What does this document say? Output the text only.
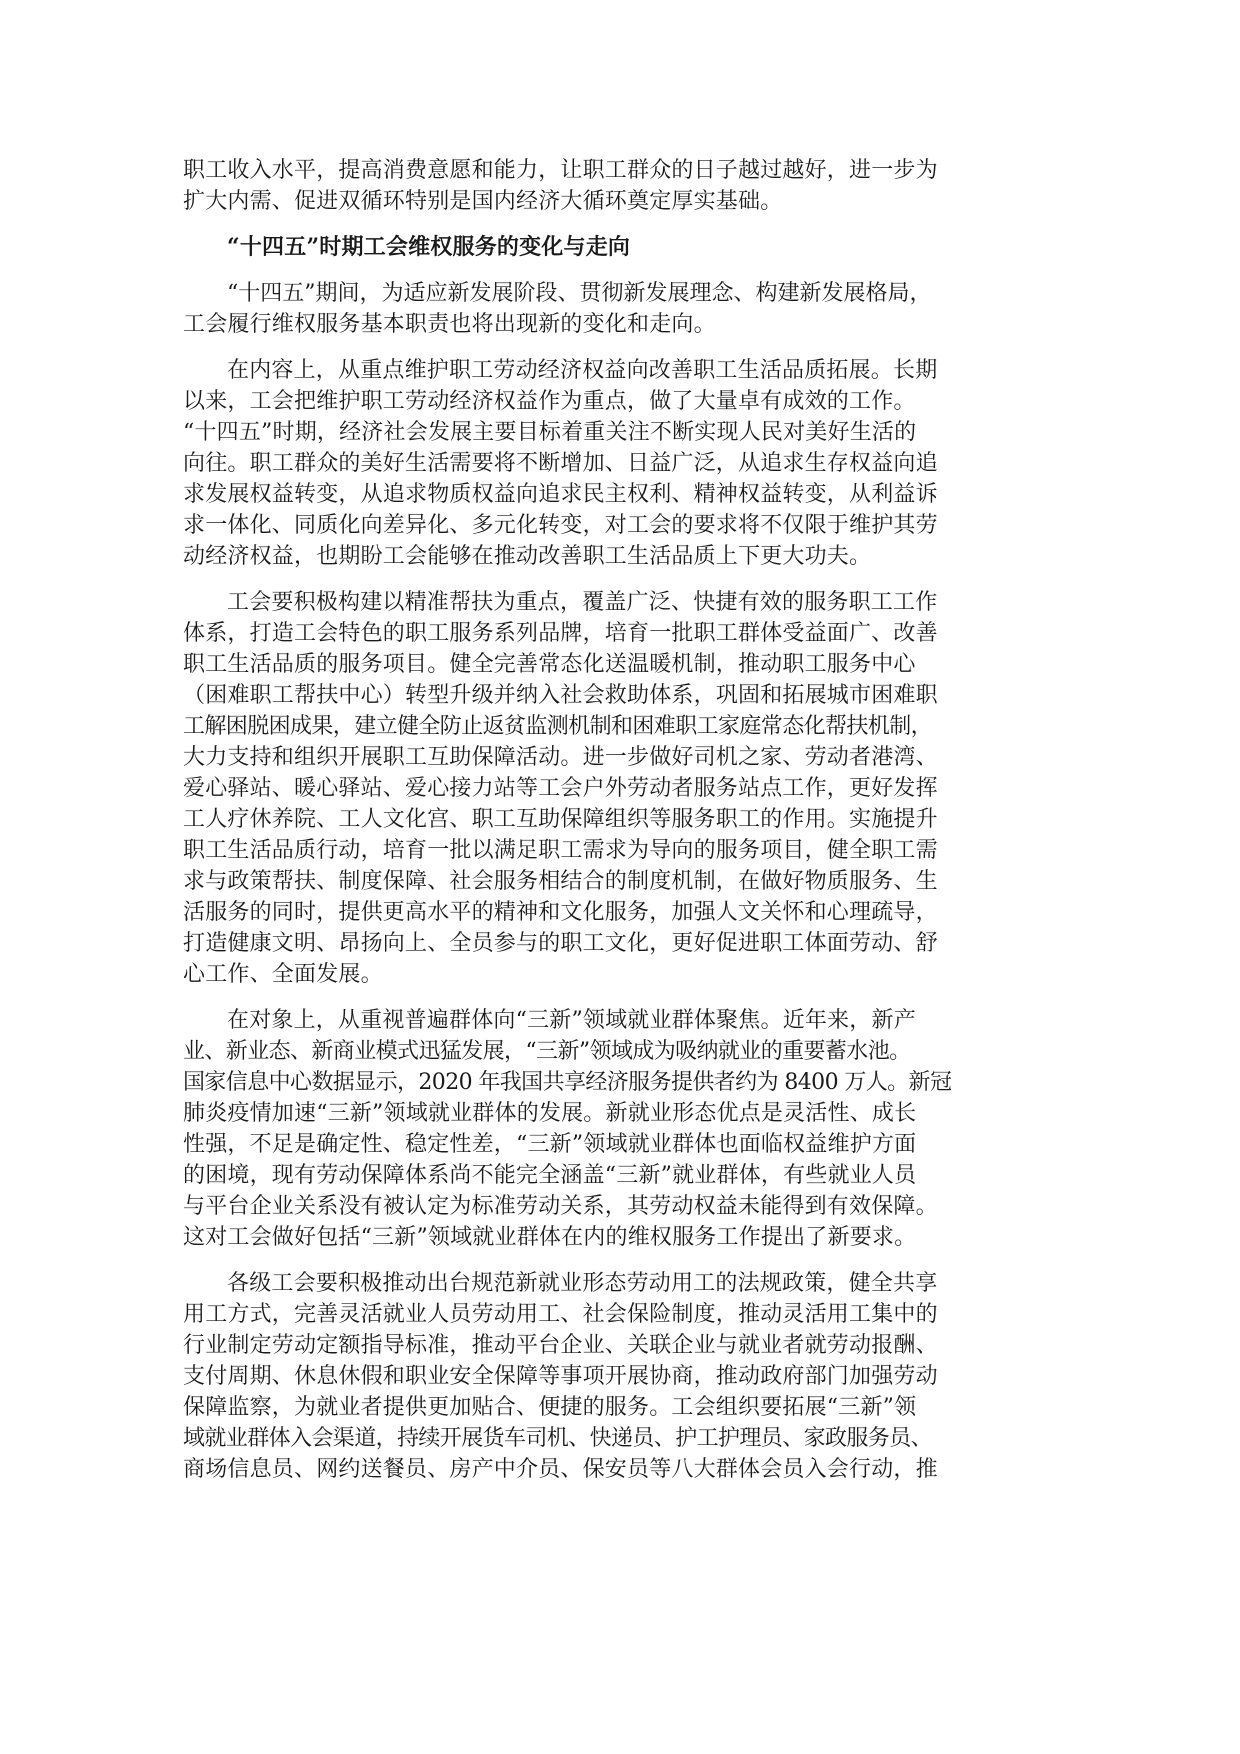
职工收入水平，提高消费意愿和能力，让职工群众的日子越过越好，进一步为
扩大内需、促进双循环特别是国内经济大循环奠定厚实基础。
“十四五”时期工会维权服务的变化与走向
“十四五”期间，为适应新发展阶段、贯彻新发展理念、构建新发展格局，
工会履行维权服务基本职责也将出现新的变化和走向。
在内容上，从重点维护职工劳动经济权益向改善职工生活品质拓展。长期
以来，工会把维护职工劳动经济权益作为重点，做了大量卓有成效的工作。
“十四五”时期，经济社会发展主要目标着重关注不断实现人民对美好生活的
向往。职工群众的美好生活需要将不断增加、日益广泛，从追求生存权益向追
求发展权益转变，从追求物质权益向追求民主权利、精神权益转变，从利益诉
求一体化、同质化向差异化、多元化转变，对工会的要求将不仅限于维护其劳
动经济权益，也期盼工会能够在推动改善职工生活品质上下更大功夫。
工会要积极构建以精准帮扶为重点，覆盖广泛、快捷有效的服务职工工作
体系，打造工会特色的职工服务系列品牌，培育一批职工群体受益面广、改善
职工生活品质的服务项目。健全完善常态化送温暖机制，推动职工服务中心
（困难职工帮扶中心）转型升级并纳入社会救助体系，巩固和拓展城市困难职
工解困脱困成果，建立健全防止返贫监测机制和困难职工家庭常态化帮扶机制，
大力支持和组织开展职工互助保障活动。进一步做好司机之家、劳动者港湾、
爱心驿站、暖心驿站、爱心接力站等工会户外劳动者服务站点工作，更好发挥
工人疗休养院、工人文化宫、职工互助保障组织等服务职工的作用。实施提升
职工生活品质行动，培育一批以满足职工需求为导向的服务项目，健全职工需
求与政策帮扶、制度保障、社会服务相结合的制度机制，在做好物质服务、生
活服务的同时，提供更高水平的精神和文化服务，加强人文关怀和心理疏导，
打造健康文明、昂扬向上、全员参与的职工文化，更好促进职工体面劳动、舒
心工作、全面发展。
在对象上，从重视普遍群体向“三新”领域就业群体聚焦。近年来，新产
业、新业态、新商业模式迅猛发展，“三新”领域成为吸纳就业的重要蓄水池。
国家信息中心数据显示，2020 年我国共享经济服务提供者约为 8400 万人。新冠
肺炎疫情加速“三新”领域就业群体的发展。新就业形态优点是灵活性、成长
性强，不足是确定性、稳定性差，“三新”领域就业群体也面临权益维护方面
的困境，现有劳动保障体系尚不能完全涵盖“三新”就业群体，有些就业人员
与平台企业关系没有被认定为标准劳动关系，其劳动权益未能得到有效保障。
这对工会做好包括“三新”领域就业群体在内的维权服务工作提出了新要求。
各级工会要积极推动出台规范新就业形态劳动用工的法规政策，健全共享
用工方式，完善灵活就业人员劳动用工、社会保险制度，推动灵活用工集中的
行业制定劳动定额指导标准，推动平台企业、关联企业与就业者就劳动报酬、
支付周期、休息休假和职业安全保障等事项开展协商，推动政府部门加强劳动
保障监察，为就业者提供更加贴合、便捷的服务。工会组织要拓展“三新”领
域就业群体入会渠道，持续开展货车司机、快递员、护工护理员、家政服务员、
商场信息员、网约送餐员、房产中介员、保安员等八大群体会员入会行动，推
